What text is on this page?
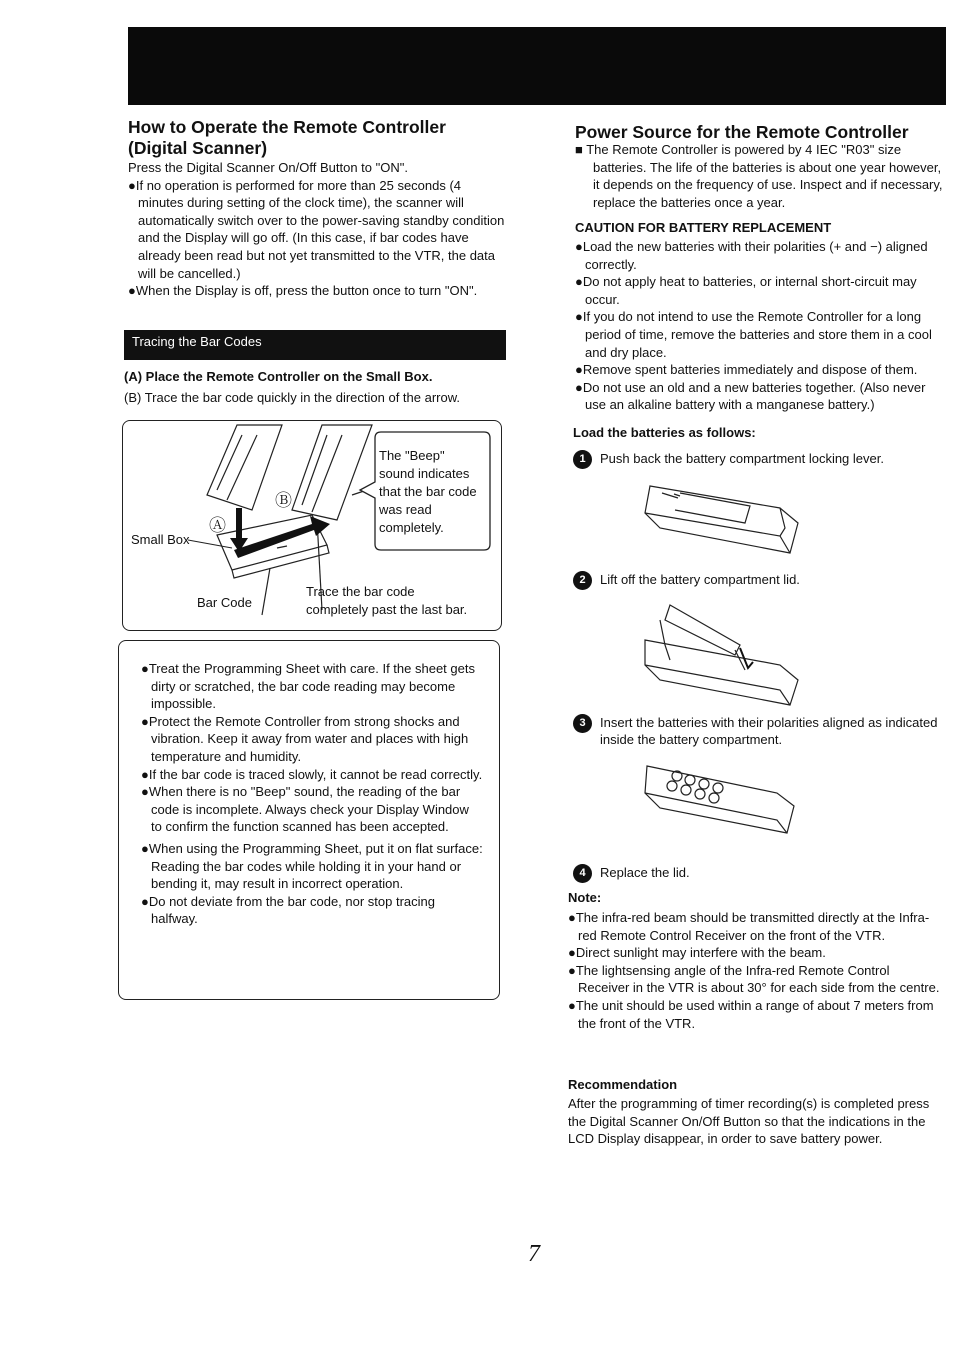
How to Operate the Remote Controller
(Digital Scanner)

Press the Digital Scanner On/Off Button to "ON".

●If no operation is performed for more than 25 seconds (4 minutes during setting of the clock time), the scanner will automatically switch over to the power-saving standby condition and the Display will go off. (In this case, if bar codes have already been read but not yet transmitted to the VTR, the data will be cancelled.)

●When the Display is off, press the button once to turn "ON".

Tracing the Bar Codes

(A) Place the Remote Controller on the Small Box.

(B) Trace the bar code quickly in the direction of the arrow.

Ⓐ
Ⓑ
Small Box
Bar Code

Trace the bar code

completely past the last bar.

The "Beep"

sound indicates

that the bar code

was read

completely.

●Treat the Programming Sheet with care. If the sheet gets dirty or scratched, the bar code reading may become impossible.
●Protect the Remote Controller from strong shocks and vibration. Keep it away from water and places with high temperature and humidity.
●If the bar code is traced slowly, it cannot be read correctly.
●When there is no "Beep" sound, the reading of the bar code is incomplete. Always check your Display Window to confirm the function scanned has been accepted.
●When using the Programming Sheet, put it on flat surface: Reading the bar codes while holding it in your hand or bending it, may result in incorrect operation.
●Do not deviate from the bar code, nor stop tracing halfway.
Power Source for the Remote Controller

■ The Remote Controller is powered by 4 IEC "R03" size batteries. The life of the batteries is about one year however, it depends on the frequency of use. Inspect and if necessary, replace the batteries once a year.

CAUTION FOR BATTERY REPLACEMENT
●Load the new batteries with their polarities (+ and −) aligned correctly.
●Do not apply heat to batteries, or internal short-circuit may occur.
●If you do not intend to use the Remote Controller for a long period of time, remove the batteries and store them in a cool and dry place.
●Remove spent batteries immediately and dispose of them.
●Do not use an old and a new batteries together. (Also never use an alkaline battery with a manganese battery.)
Load the batteries as follows:
1 Push back the battery compartment locking lever.
2 Lift off the battery compartment lid.
3	Insert the batteries with their polarities aligned as indicated inside the battery compartment.
4 Replace the lid.
Note:
●The infra-red beam should be transmitted directly at the Infra-red Remote Control Receiver on the front of the VTR.
●Direct sunlight may interfere with the beam.
●The lightsensing angle of the Infra-red Remote Control Receiver in the VTR is about 30° for each side from the centre.
●The unit should be used within a range of about 7 meters from the front of the VTR.
Recommendation
After the programming of timer recording(s) is completed press the Digital Scanner On/Off Button so that the indications in the LCD Display disappear, in order to save battery power.
7
